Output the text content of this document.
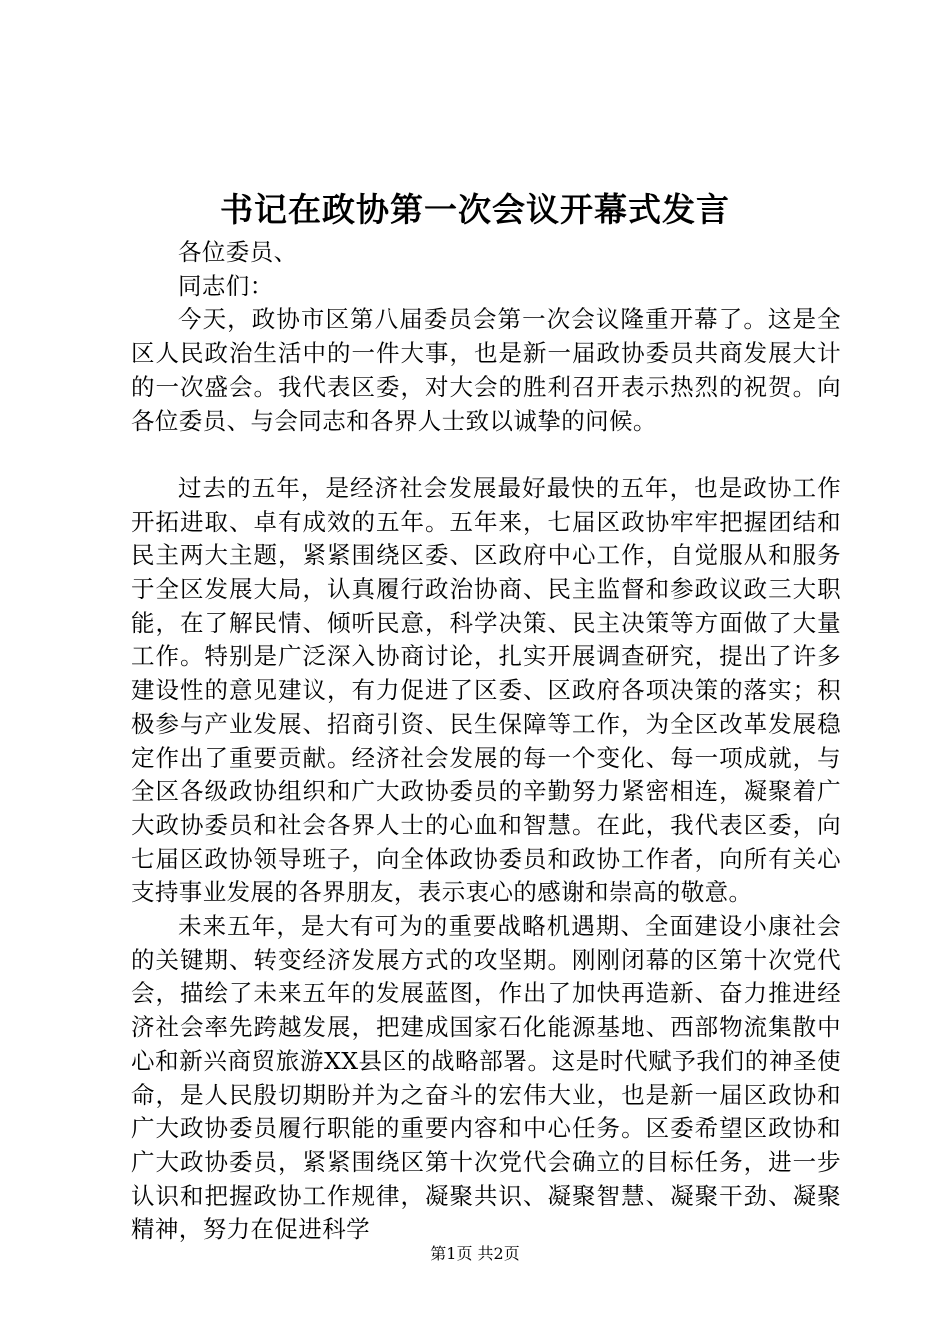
书记在政协第一次会议开幕式发言

各位委员、

同志们：

今天，政协市区第八届委员会第一次会议隆重开幕了。这是全区人民政治生活中的一件大事，也是新一届政协委员共商发展大计的一次盛会。我代表区委，对大会的胜利召开表示热烈的祝贺。向各位委员、与会同志和各界人士致以诚挚的问候。

过去的五年，是经济社会发展最好最快的五年，也是政协工作开拓进取、卓有成效的五年。五年来，七届区政协牢牢把握团结和民主两大主题，紧紧围绕区委、区政府中心工作，自觉服从和服务于全区发展大局，认真履行政治协商、民主监督和参政议政三大职能，在了解民情、倾听民意，科学决策、民主决策等方面做了大量工作。特别是广泛深入协商讨论，扎实开展调查研究，提出了许多建设性的意见建议，有力促进了区委、区政府各项决策的落实；积极参与产业发展、招商引资、民生保障等工作，为全区改革发展稳定作出了重要贡献。经济社会发展的每一个变化、每一项成就，与全区各级政协组织和广大政协委员的辛勤努力紧密相连，凝聚着广大政协委员和社会各界人士的心血和智慧。在此，我代表区委，向七届区政协领导班子，向全体政协委员和政协工作者，向所有关心支持事业发展的各界朋友，表示衷心的感谢和崇高的敬意。

未来五年，是大有可为的重要战略机遇期、全面建设小康社会的关键期、转变经济发展方式的攻坚期。刚刚闭幕的区第十次党代会，描绘了未来五年的发展蓝图，作出了加快再造新、奋力推进经济社会率先跨越发展，把建成国家石化能源基地、西部物流集散中心和新兴商贸旅游XX县区的战略部署。这是时代赋予我们的神圣使命，是人民殷切期盼并为之奋斗的宏伟大业，也是新一届区政协和广大政协委员履行职能的重要内容和中心任务。区委希望区政协和广大政协委员，紧紧围绕区第十次党代会确立的目标任务，进一步认识和把握政协工作规律，凝聚共识、凝聚智慧、凝聚干劲、凝聚精神，努力在促进科学

第1页 共2页
